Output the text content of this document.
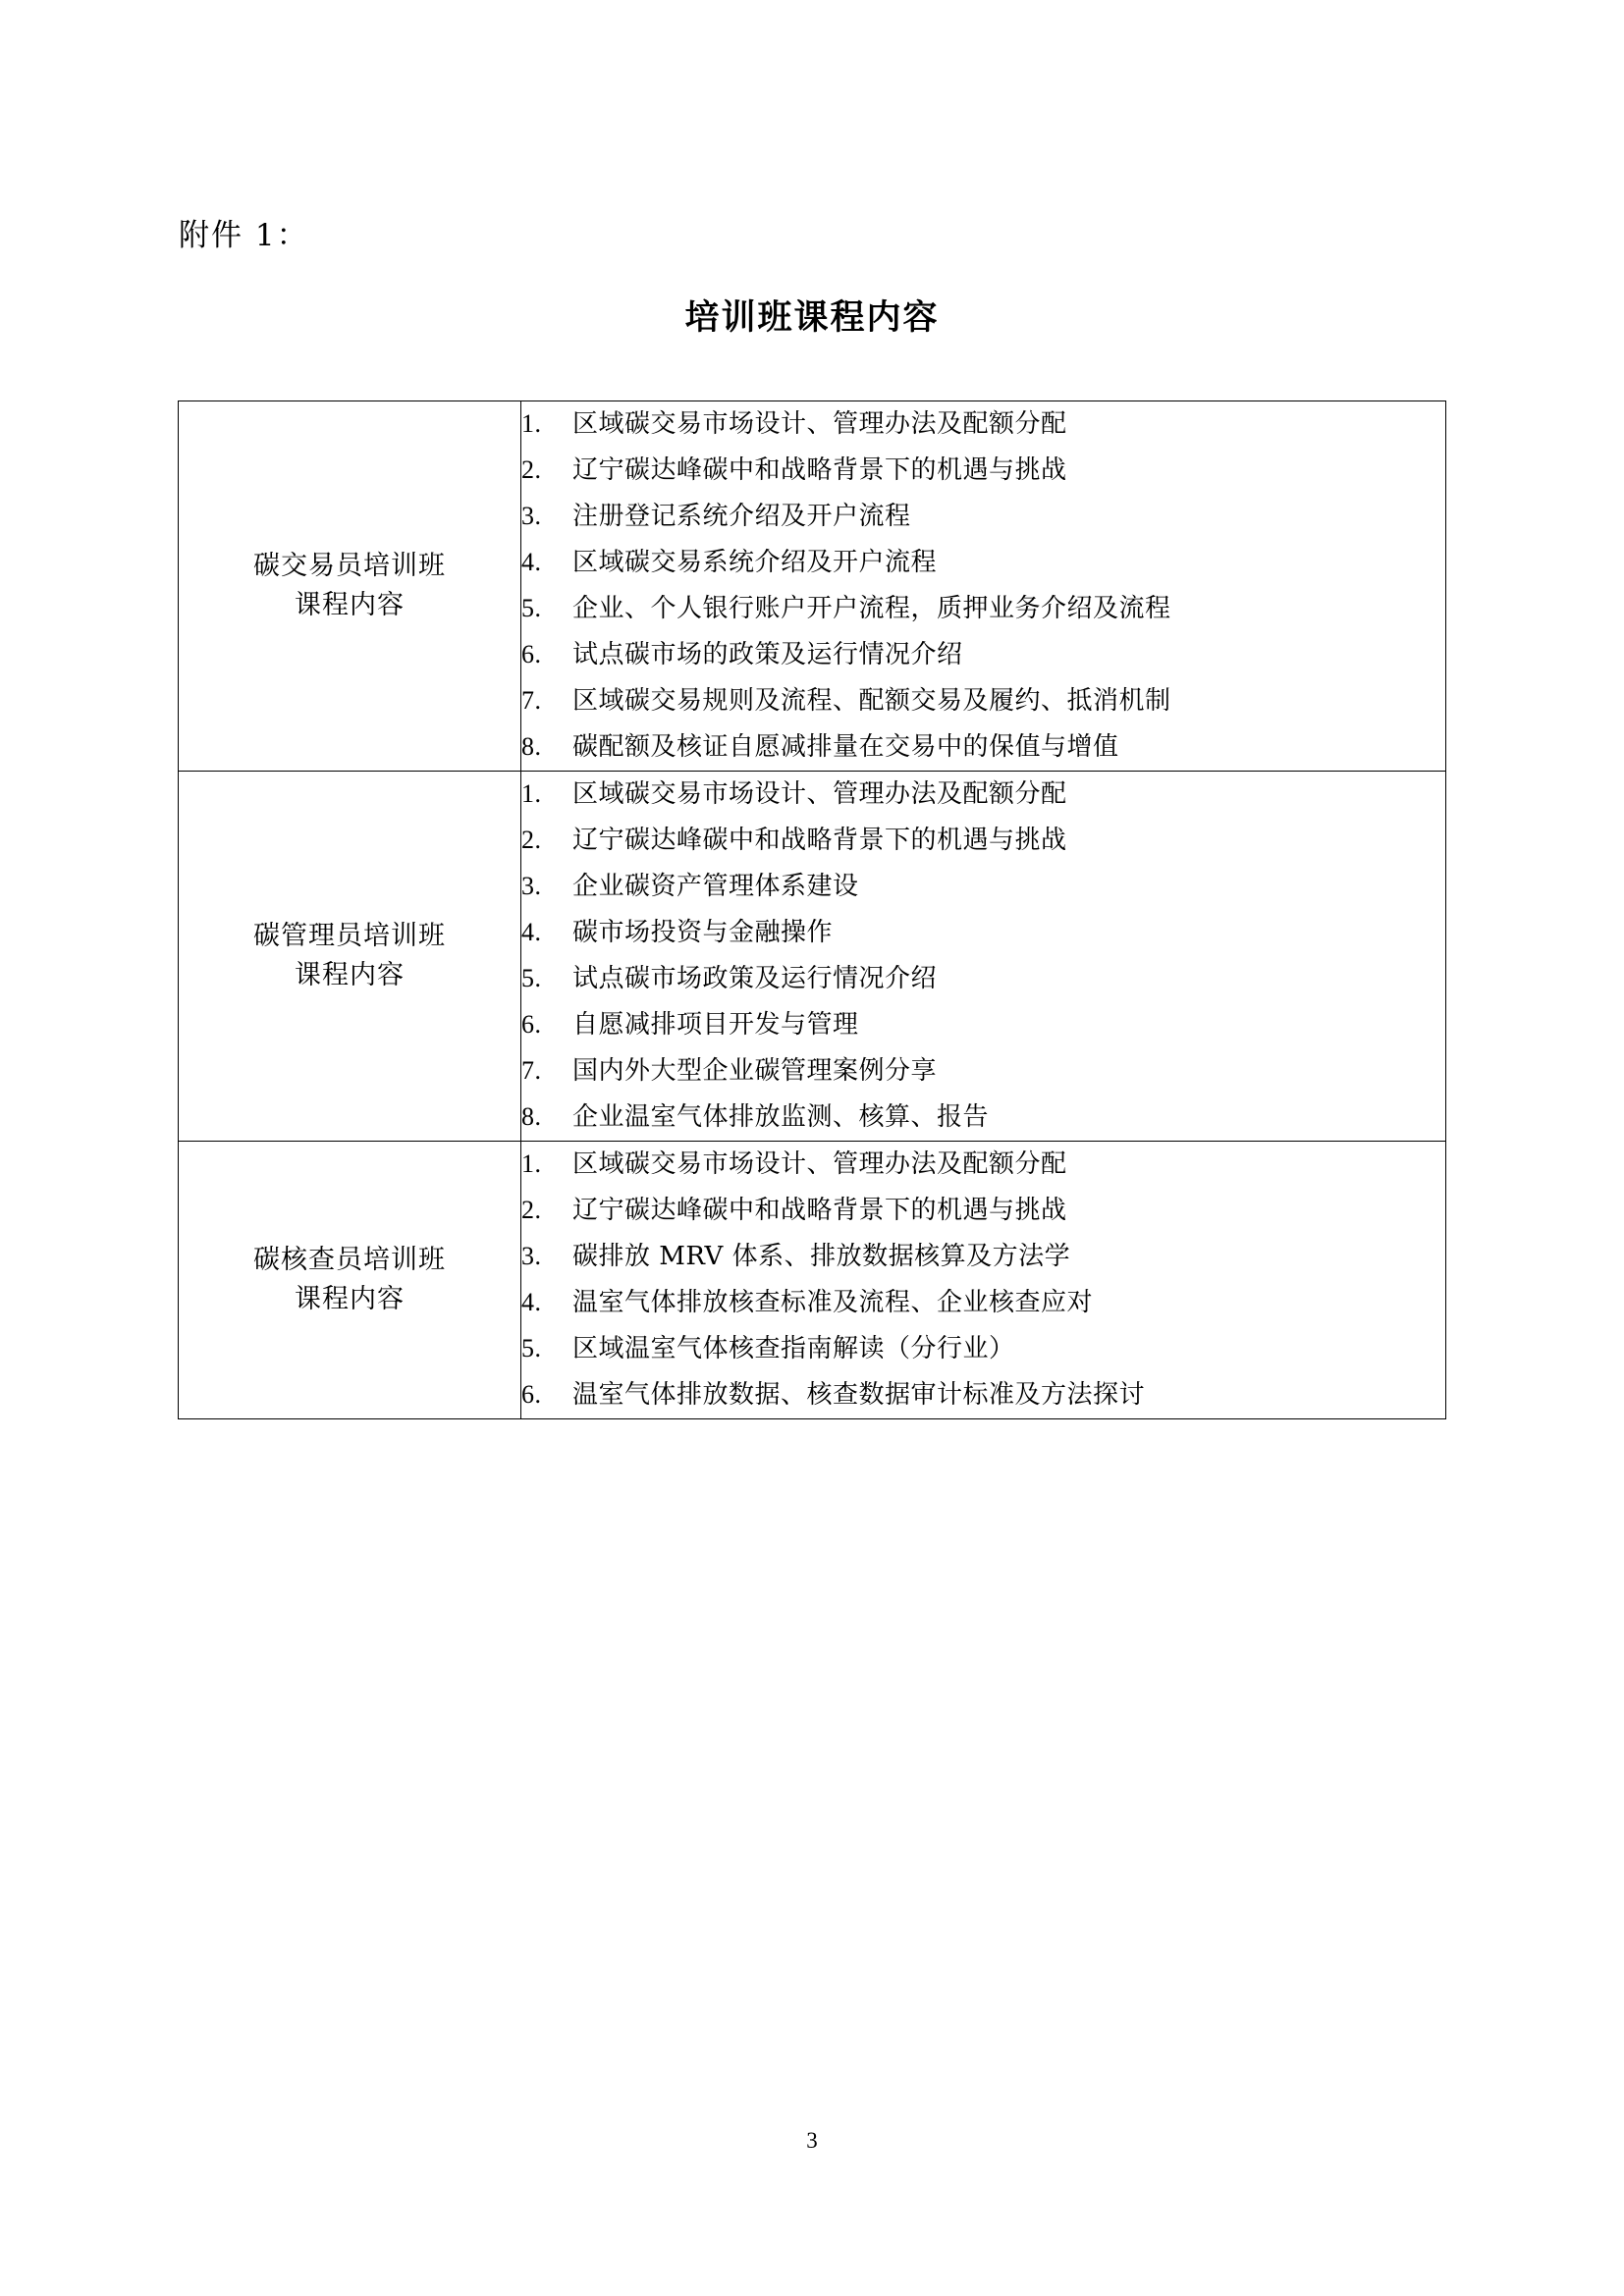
附件 1：
培训班课程内容
碳交易员培训班
课程内容

1.	区域碳交易市场设计、管理办法及配额分配
2.	辽宁碳达峰碳中和战略背景下的机遇与挑战
3.	注册登记系统介绍及开户流程
4.	区域碳交易系统介绍及开户流程
5.	企业、个人银行账户开户流程，质押业务介绍及流程
6.	试点碳市场的政策及运行情况介绍
7.	区域碳交易规则及流程、配额交易及履约、抵消机制
8.	碳配额及核证自愿减排量在交易中的保值与增值

碳管理员培训班
课程内容

1.	区域碳交易市场设计、管理办法及配额分配
2.	辽宁碳达峰碳中和战略背景下的机遇与挑战
3.	企业碳资产管理体系建设
4.	碳市场投资与金融操作
5.	试点碳市场政策及运行情况介绍
6.	自愿减排项目开发与管理
7.	国内外大型企业碳管理案例分享
8.	企业温室气体排放监测、核算、报告

碳核查员培训班
课程内容

1.	区域碳交易市场设计、管理办法及配额分配
2.	辽宁碳达峰碳中和战略背景下的机遇与挑战
3.	碳排放 MRV 体系、排放数据核算及方法学
4.	温室气体排放核查标准及流程、企业核查应对
5.	区域温室气体核查指南解读（分行业）
6.	温室气体排放数据、核查数据审计标准及方法探讨
3
